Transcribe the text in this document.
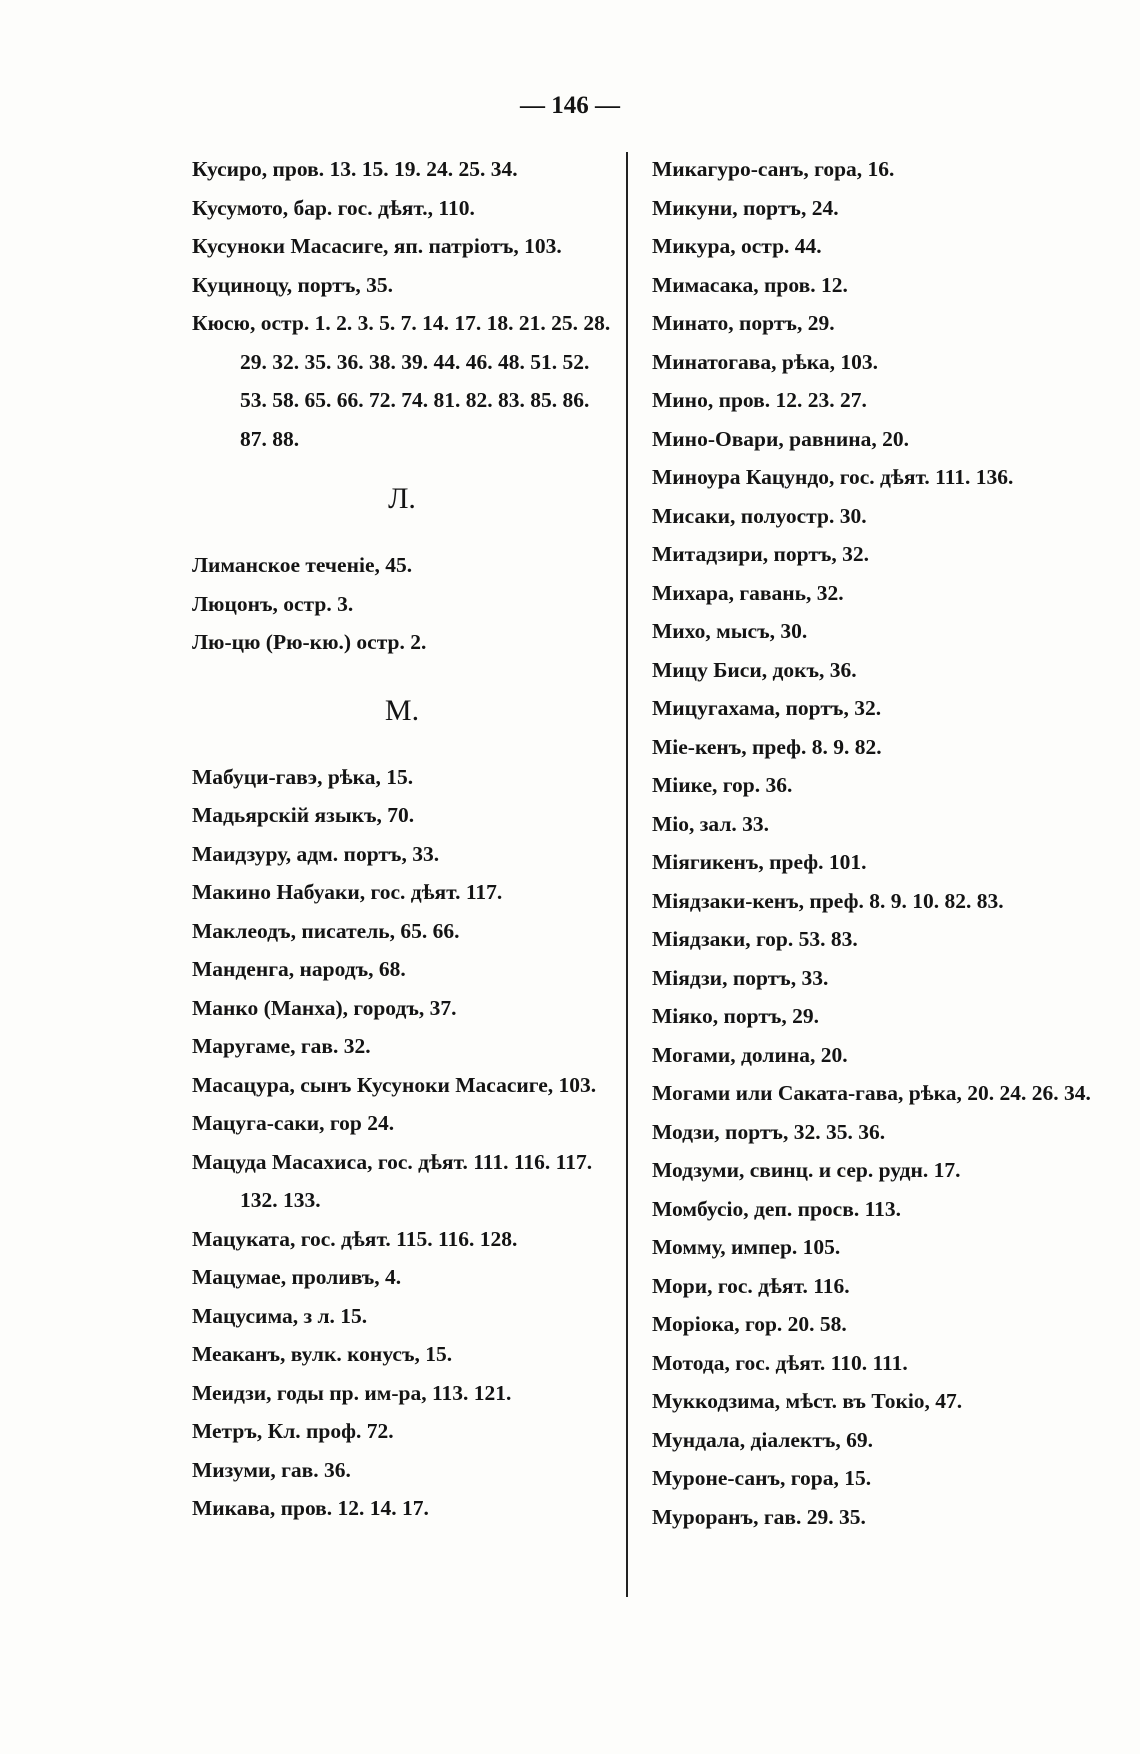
— 146 —
Кусиро, пров. 13. 15. 19. 24. 25. 34.
Кусумото, бар. гос. дѣят., 110.
Кусуноки Масасиге, яп. патріотъ, 103.
Куциноцу, портъ, 35.
Кюсю, остр. 1. 2. 3. 5. 7. 14. 17. 18. 21. 25. 28. 29. 32. 35. 36. 38. 39. 44. 46. 48. 51. 52. 53. 58. 65. 66. 72. 74. 81. 82. 83. 85. 86. 87. 88.
Л.
Лиманское теченіе, 45.
Люцонъ, остр. 3.
Лю-цю (Рю-кю.) остр. 2.
М.
Мабуци-гавэ, рѣка, 15.
Мадьярскій языкъ, 70.
Маидзуру, адм. портъ, 33.
Макино Набуаки, гос. дѣят. 117.
Маклеодъ, писатель, 65. 66.
Манденга, народъ, 68.
Манко (Манха), городъ, 37.
Маругаме, гав. 32.
Масацура, сынъ Кусуноки Масасиге, 103.
Мацуга-саки, гор 24.
Мацуда Масахиса, гос. дѣят. 111. 116. 117. 132. 133.
Мацуката, гос. дѣят. 115. 116. 128.
Мацумае, проливъ, 4.
Мацусима, з л. 15.
Меаканъ, вулк. конусъ, 15.
Меидзи, годы пр. им-ра, 113. 121.
Метръ, Кл. проф. 72.
Мизуми, гав. 36.
Микава, пров. 12. 14. 17.
Микагуро-санъ, гора, 16.
Микуни, портъ, 24.
Микура, остр. 44.
Мимасака, пров. 12.
Минато, портъ, 29.
Минатогава, рѣка, 103.
Мино, пров. 12. 23. 27.
Мино-Овари, равнина, 20.
Миноура Кацундо, гос. дѣят. 111. 136.
Мисаки, полуостр. 30.
Митадзири, портъ, 32.
Михара, гавань, 32.
Михо, мысъ, 30.
Мицу Биси, докъ, 36.
Мицугахама, портъ, 32.
Міе-кенъ, преф. 8. 9. 82.
Міике, гор. 36.
Міо, зал. 33.
Міягикенъ, преф. 101.
Міядзаки-кенъ, преф. 8. 9. 10. 82. 83.
Міядзаки, гор. 53. 83.
Міядзи, портъ, 33.
Міяко, портъ, 29.
Могами, долина, 20.
Могами или Саката-гава, рѣка, 20. 24. 26. 34.
Модзи, портъ, 32. 35. 36.
Модзуми, свинц. и сер. рудн. 17.
Момбусіо, деп. просв. 113.
Момму, импер. 105.
Мори, гос. дѣят. 116.
Моріока, гор. 20. 58.
Мотода, гос. дѣят. 110. 111.
Муккодзима, мѣст. въ Токіо, 47.
Мундала, діалектъ, 69.
Муроне-санъ, гора, 15.
Муроранъ, гав. 29. 35.
